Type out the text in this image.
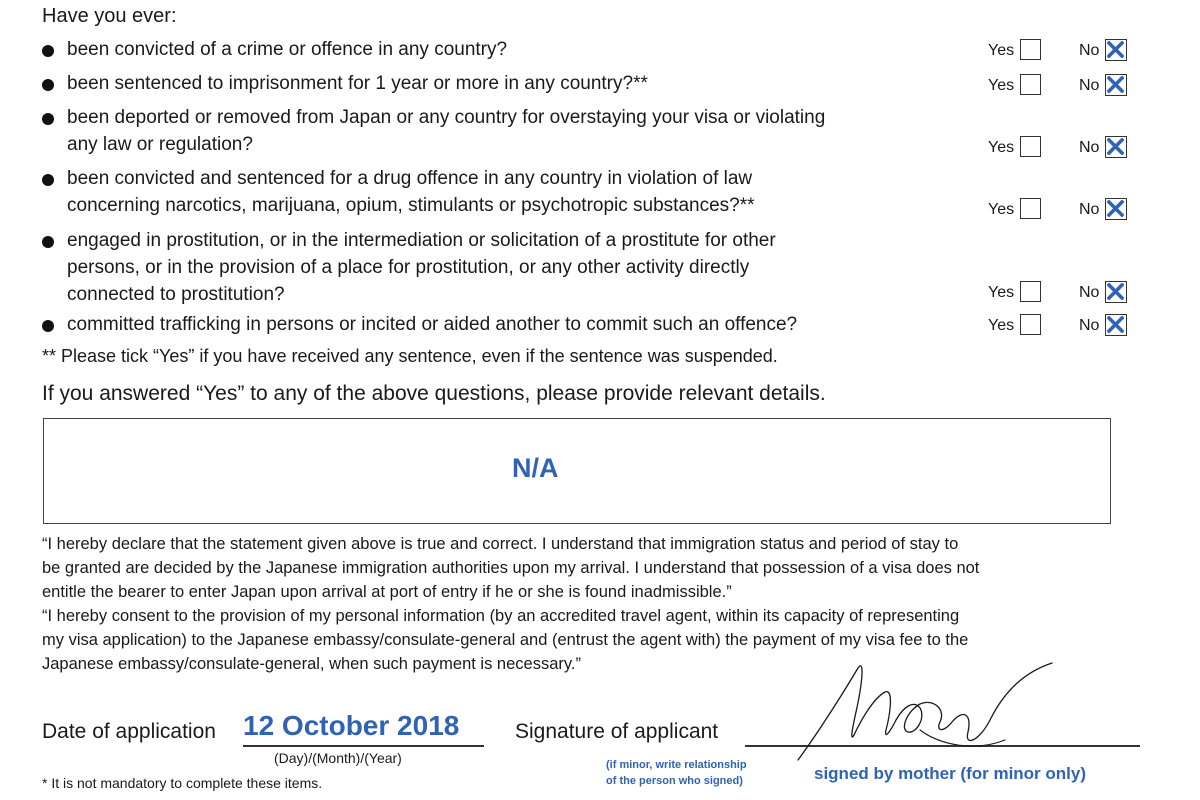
Have you ever:
been convicted of a crime or offence in any country?	Yes	No
been sentenced to imprisonment for 1 year or more in any country?**	Yes	No
been deported or removed from Japan or any country for overstaying your visa or violating
any law or regulation?	Yes	No
been convicted and sentenced for a drug offence in any country in violation of law
concerning narcotics, marijuana, opium, stimulants or psychotropic substances?**	Yes	No
engaged in prostitution, or in the intermediation or solicitation of a prostitute for other
persons, or in the provision of a place for prostitution, or any other activity directly
connected to prostitution?	Yes	No
committed trafficking in persons or incited or aided another to commit such an offence?	Yes	No
** Please tick “Yes” if you have received any sentence, even if the sentence was suspended.
If you answered “Yes” to any of the above questions, please provide relevant details.
N/A
“I hereby declare that the statement given above is true and correct. I understand that immigration status and period of stay to
be granted are decided by the Japanese immigration authorities upon my arrival. I understand that possession of a visa does not
entitle the bearer to enter Japan upon arrival at port of entry if he or she is found inadmissible.”
“I hereby consent to the provision of my personal information (by an accredited travel agent, within its capacity of representing
my visa application) to the Japanese embassy/consulate-general and (entrust the agent with) the payment of my visa fee to the
Japanese embassy/consulate-general, when such payment is necessary.”
Date of application 12 October 2018
(Day)/(Month)/(Year)
Signature of applicant
(if minor, write relationship
of the person who signed)	signed by mother (for minor only)
* It is not mandatory to complete these items.
